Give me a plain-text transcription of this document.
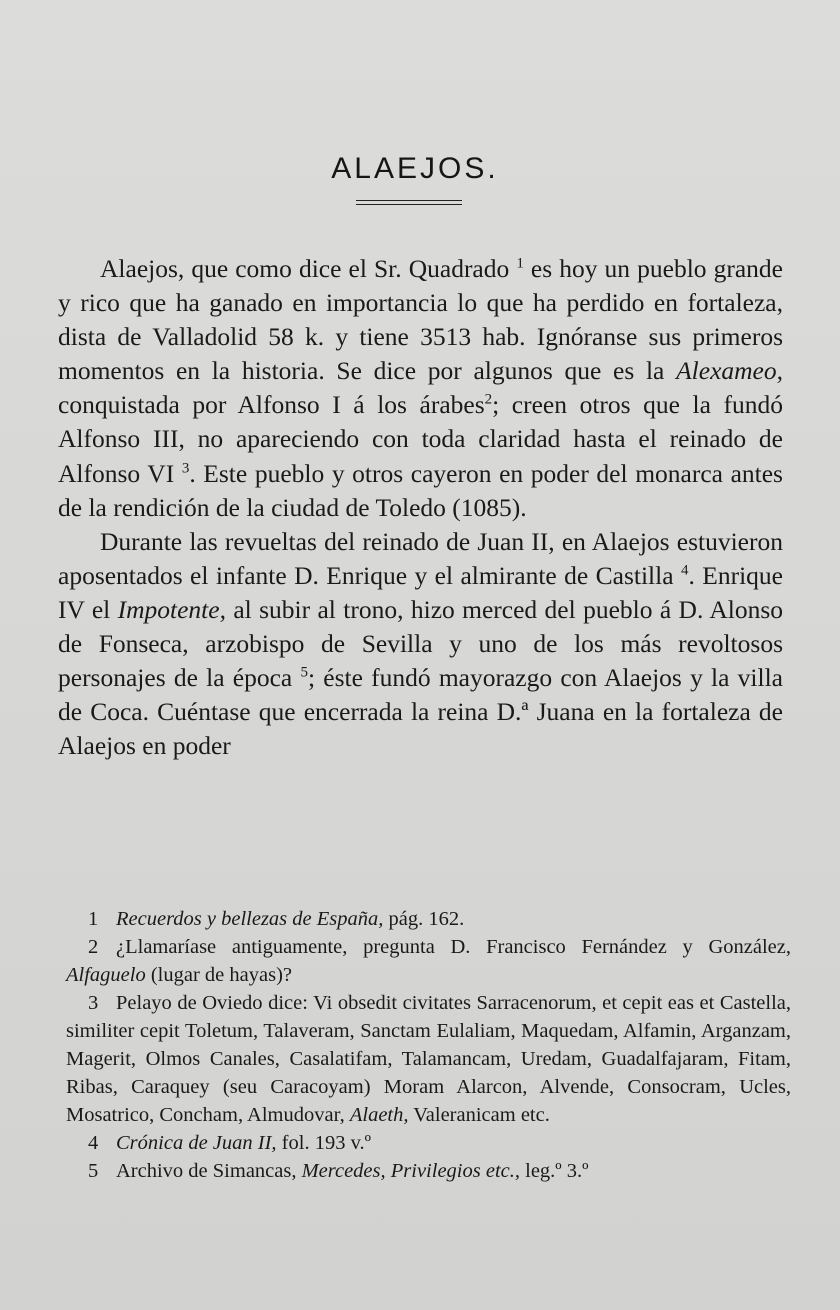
ALAEJOS.

Alaejos, que como dice el Sr. Quadrado $^1$ es hoy un pueblo grande y rico que ha ganado en importancia lo que ha perdido en fortaleza, dista de Valladolid 58 k. y tiene 3513 hab. Ignóranse sus primeros momentos en la historia. Se dice por algunos que es la Alexameo, conquistada por Alfonso I á los árabes$^2$; creen otros que la fundó Alfonso III, no apareciendo con toda claridad hasta el reinado de Alfonso VI $^3$. Este pueblo y otros cayeron en poder del monarca antes de la rendición de la ciudad de Toledo (1085).

Durante las revueltas del reinado de Juan II, en Alaejos estuvieron aposentados el infante D. Enrique y el almirante de Castilla $^4$. Enrique IV el Impotente, al subir al trono, hizo merced del pueblo á D. Alonso de Fonseca, arzobispo de Sevilla y uno de los más revoltosos personajes de la época $^5$; éste fundó mayorazgo con Alaejos y la villa de Coca. Cuéntase que encerrada la reina D.ª Juana en la fortaleza de Alaejos en poder

1 Recuerdos y bellezas de España, pág. 162.

2 ¿Llamaríase antiguamente, pregunta D. Francisco Fernández y González, Alfaguelo (lugar de hayas)?

3 Pelayo de Oviedo dice: Vi obsedit civitates Sarracenorum, et cepit eas et Castella, similiter cepit Toletum, Talaveram, Sanctam Eulaliam, Maquedam, Alfamin, Arganzam, Magerit, Olmos Canales, Casalatifam, Talamancam, Uredam, Guadalfajaram, Fitam, Ribas, Caraquey (seu Caracoyam) Moram Alarcon, Alvende, Consocram, Ucles, Mosatrico, Concham, Almudovar, Alaeth, Valeranicam etc.

4 Crónica de Juan II, fol. 193 v.º

5 Archivo de Simancas, Mercedes, Privilegios etc., leg.º 3.º
